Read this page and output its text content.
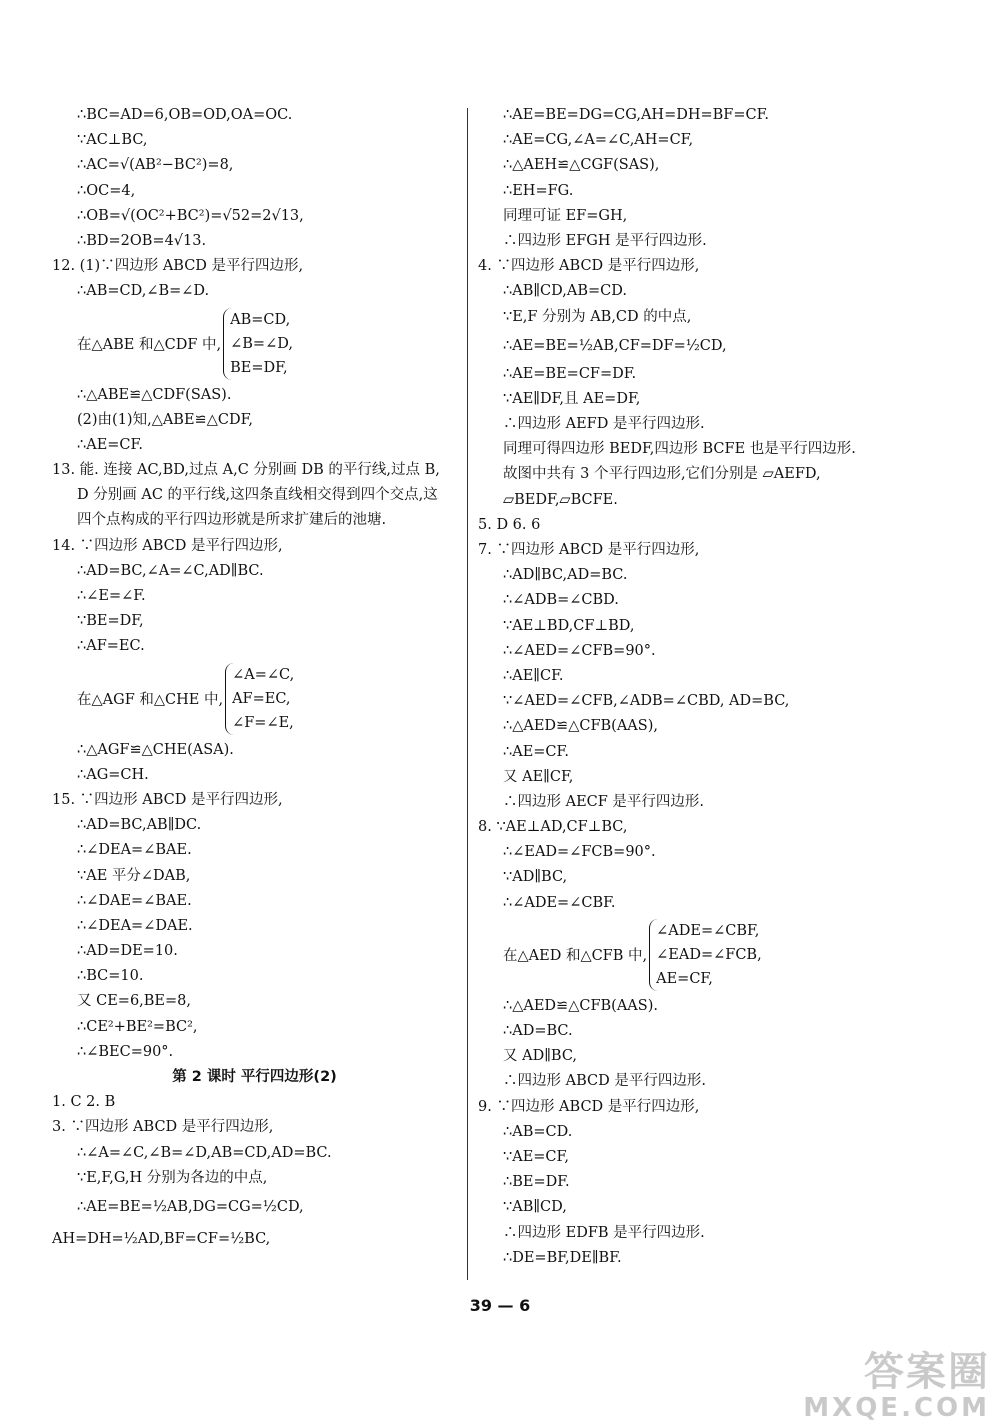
∴BC=AD=6,OB=OD,OA=OC.
∵AC⊥BC,
∴AC=√(AB²−BC²)=8,
∴OC=4,
∴OB=√(OC²+BC²)=√52=2√13,
∴BD=2OB=4√13.
12. (1)∵四边形 ABCD 是平行四边形,
∴AB=CD,∠B=∠D.
在△ABE 和△CDF 中,
AB=CD,
∠B=∠D,
BE=DF,
∴△ABE≌△CDF(SAS).
(2)由(1)知,△ABE≌△CDF,
∴AE=CF.
13. 能. 连接 AC,BD,过点 A,C 分别画 DB 的平行线,过点 B,
D 分别画 AC 的平行线,这四条直线相交得到四个交点,这
四个点构成的平行四边形就是所求扩建后的池塘.
14. ∵四边形 ABCD 是平行四边形,
∴AD=BC,∠A=∠C,AD∥BC.
∴∠E=∠F.
∵BE=DF,
∴AF=EC.
在△AGF 和△CHE 中,
∠A=∠C,
AF=EC,
∠F=∠E,
∴△AGF≌△CHE(ASA).
∴AG=CH.
15. ∵四边形 ABCD 是平行四边形,
∴AD=BC,AB∥DC.
∴∠DEA=∠BAE.
∵AE 平分∠DAB,
∴∠DAE=∠BAE.
∴∠DEA=∠DAE.
∴AD=DE=10.
∴BC=10.
又 CE=6,BE=8,
∴CE²+BE²=BC²,
∴∠BEC=90°.
第 2 课时 平行四边形(2)
1. C 2. B
3. ∵四边形 ABCD 是平行四边形,
∴∠A=∠C,∠B=∠D,AB=CD,AD=BC.
∵E,F,G,H 分别为各边的中点,
∴AE=BE=½AB,DG=CG=½CD,
AH=DH=½AD,BF=CF=½BC,
∴AE=BE=DG=CG,AH=DH=BF=CF.
∴AE=CG,∠A=∠C,AH=CF,
∴△AEH≌△CGF(SAS),
∴EH=FG.
同理可证 EF=GH,
∴四边形 EFGH 是平行四边形.
4. ∵四边形 ABCD 是平行四边形,
∴AB∥CD,AB=CD.
∵E,F 分别为 AB,CD 的中点,
∴AE=BE=½AB,CF=DF=½CD,
∴AE=BE=CF=DF.
∵AE∥DF,且 AE=DF,
∴四边形 AEFD 是平行四边形.
同理可得四边形 BEDF,四边形 BCFE 也是平行四边形.
故图中共有 3 个平行四边形,它们分别是 ▱AEFD,
▱BEDF,▱BCFE.
5. D 6. 6
7. ∵四边形 ABCD 是平行四边形,
∴AD∥BC,AD=BC.
∴∠ADB=∠CBD.
∵AE⊥BD,CF⊥BD,
∴∠AED=∠CFB=90°.
∴AE∥CF.
∵∠AED=∠CFB,∠ADB=∠CBD, AD=BC,
∴△AED≌△CFB(AAS),
∴AE=CF.
又 AE∥CF,
∴四边形 AECF 是平行四边形.
8. ∵AE⊥AD,CF⊥BC,
∴∠EAD=∠FCB=90°.
∵AD∥BC,
∴∠ADE=∠CBF.
在△AED 和△CFB 中,
∠ADE=∠CBF,
∠EAD=∠FCB,
AE=CF,
∴△AED≌△CFB(AAS).
∴AD=BC.
又 AD∥BC,
∴四边形 ABCD 是平行四边形.
9. ∵四边形 ABCD 是平行四边形,
∴AB=CD.
∵AE=CF,
∴BE=DF.
∵AB∥CD,
∴四边形 EDFB 是平行四边形.
∴DE=BF,DE∥BF.
39 — 6
答案圈
MXQE.COM
